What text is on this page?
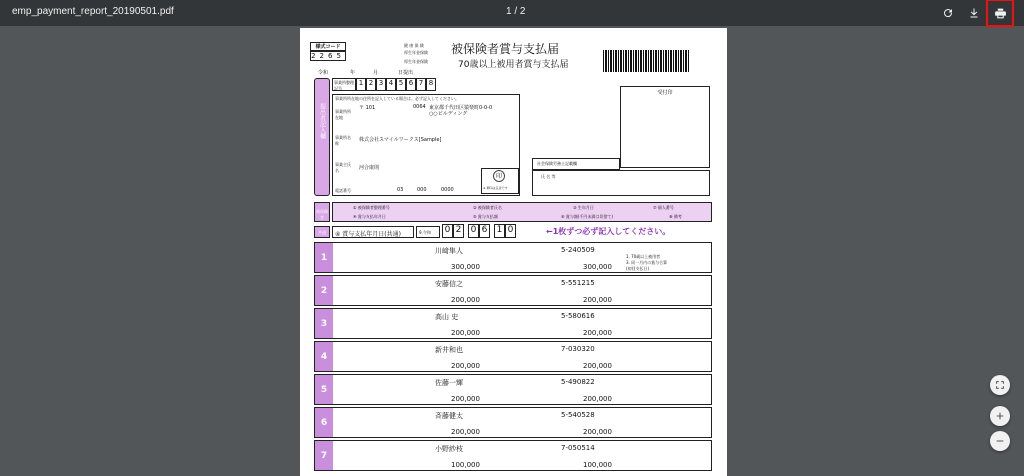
emp_payment_report_20190501.pdf	1 / 2
様式コード
2265
健 康 保 険
厚生年金保険
厚生年金保険
被保険者賞与支払届
70歳以上被用者賞与支払届
令和	年	月	日提出
事業所整理記号
1 2 3 4 5 6 7 8
提出者記入欄
事業所所在地の住所を記入している場合は、必ず記入してください。
事業所所在地
〒 101	0064 東京都千代田区猿楽町0-0-0
○○ビルディング
事業所名称
株式会社スマイルワークス[Sample]
事業主氏名	河合康則
印
※ 押印は任意です
電話番号	03	000	0000
受付印
社会保険労務士記載欄
氏 名 等
被保険者
① 被保険者整理番号	② 被保険者氏名	③ 生年月日	⑦ 個人番号
④ 賞与支払年月日	⑤ 賞与支払額	⑥ 賞与額(千円未満は切捨て)	⑧ 備考
共通	④ 賞与支払年月日(共通)	9.令和	0 2 0 6 1 0	←1枚ずつ必ず記入してください。
1
川﨑隼人	5-240509
300,000	300,000
2
安藤信之	5-551215
200,000	200,000
3
高山 史	5-580616
200,000	200,000
4
新井和也	7-030320
200,000	200,000
5
佐藤一輝	5-490822
200,000	200,000
6
斉藤健太	5-540528
200,000	200,000
7
小野紗枝	7-050514
100,000	100,000
1. 70歳以上被用者
3. 同一月内の賞与合算
(初回支払日)
